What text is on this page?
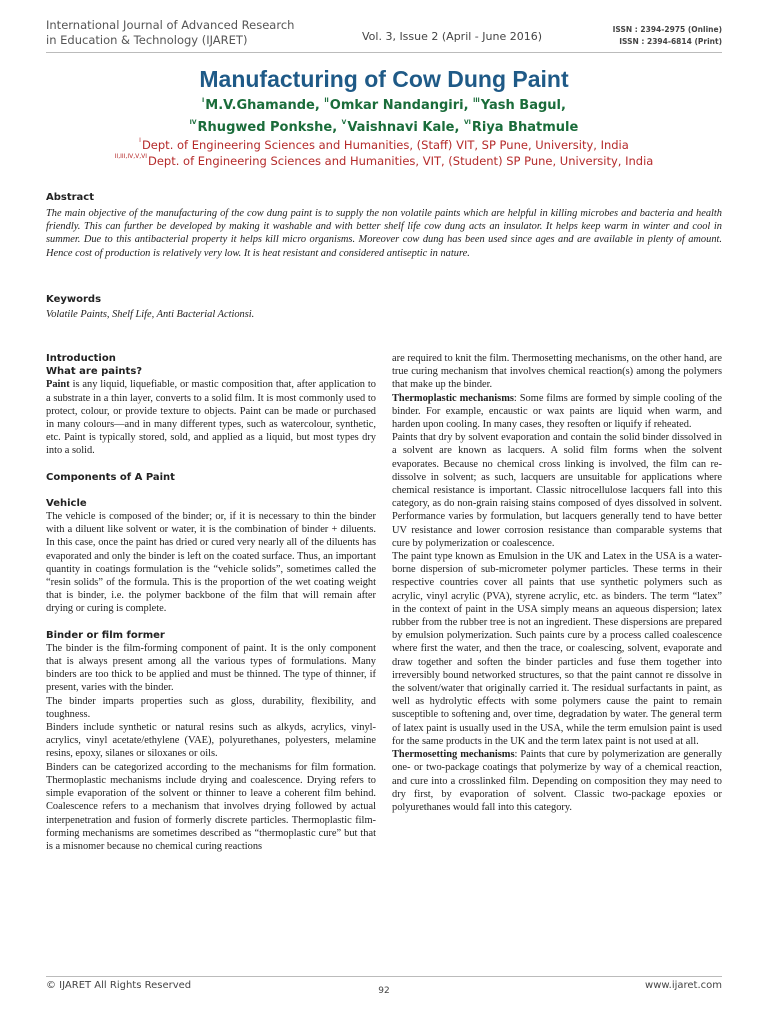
International Journal of Advanced Research
in Education & Technology (IJARET)	Vol. 3, Issue 2 (April - June 2016)
ISSN : 2394-2975 (Online)
ISSN : 2394-6814 (Print)
Manufacturing of Cow Dung Paint
$^I$M.V.Ghamande, $^{II}$Omkar Nandangiri, $^{III}$Yash Bagul,
$^{IV}$Rhugwed Ponkshe, $^V$Vaishnavi Kale, $^{VI}$Riya Bhatmule
$^I$Dept. of Engineering Sciences and Humanities, (Staff) VIT, SP Pune, University, India
$^{II,III,IV,V,VI}$Dept. of Engineering Sciences and Humanities, VIT, (Student) SP Pune, University, India
Abstract
The main objective of the manufacturing of the cow dung paint is to supply the non volatile paints which are helpful in killing microbes and bacteria and health friendly. This can further be developed by making it washable and with better shelf life cow dung acts an insulator. It helps keep warm in winter and cool in summer. Due to this antibacterial property it helps kill micro organisms. Moreover cow dung has been used since ages and are available in plenty of amount. Hence cost of production is relatively very low. It is heat resistant and considered antiseptic in nature.
Keywords
Volatile Paints, Shelf Life, Anti Bacterial Actionsi.

Introduction

What are paints?

Paint is any liquid, liquefiable, or mastic composition that, after application to a substrate in a thin layer, converts to a solid film. It is most commonly used to protect, colour, or provide texture to objects. Paint can be made or purchased in many colours—and in many different types, such as watercolour, synthetic, etc. Paint is typically stored, sold, and applied as a liquid, but most types dry into a solid.

Components of A Paint

Vehicle

The vehicle is composed of the binder; or, if it is necessary to thin the binder with a diluent like solvent or water, it is the combination of binder + diluents. In this case, once the paint has dried or cured very nearly all of the diluents has evaporated and only the binder is left on the coated surface. Thus, an important quantity in coatings formulation is the “vehicle solids”, sometimes called the “resin solids” of the formula. This is the proportion of the wet coating weight that is binder, i.e. the polymer backbone of the film that will remain after drying or curing is complete.

Binder or film former

The binder is the film-forming component of paint. It is the only component that is always present among all the various types of formulations. Many binders are too thick to be applied and must be thinned. The type of thinner, if present, varies with the binder.

The binder imparts properties such as gloss, durability, flexibility, and toughness.

Binders include synthetic or natural resins such as alkyds, acrylics, vinyl-acrylics, vinyl acetate/ethylene (VAE), polyurethanes, polyesters, melamine resins, epoxy, silanes or siloxanes or oils.

Binders can be categorized according to the mechanisms for film formation. Thermoplastic mechanisms include drying and coalescence. Drying refers to simple evaporation of the solvent or thinner to leave a coherent film behind. Coalescence refers to a mechanism that involves drying followed by actual interpenetration and fusion of formerly discrete particles. Thermoplastic film-forming mechanisms are sometimes described as “thermoplastic cure” but that is a misnomer because no chemical curing reactions

are required to knit the film. Thermosetting mechanisms, on the other hand, are true curing mechanism that involves chemical reaction(s) among the polymers that make up the binder.

Thermoplastic mechanisms: Some films are formed by simple cooling of the binder. For example, encaustic or wax paints are liquid when warm, and harden upon cooling. In many cases, they resoften or liquify if reheated.

Paints that dry by solvent evaporation and contain the solid binder dissolved in a solvent are known as lacquers. A solid film forms when the solvent evaporates. Because no chemical cross linking is involved, the film can re-dissolve in solvent; as such, lacquers are unsuitable for applications where chemical resistance is important. Classic nitrocellulose lacquers fall into this category, as do non-grain raising stains composed of dyes dissolved in solvent. Performance varies by formulation, but lacquers generally tend to have better UV resistance and lower corrosion resistance than comparable systems that cure by polymerization or coalescence.

The paint type known as Emulsion in the UK and Latex in the USA is a water-borne dispersion of sub-micrometer polymer particles. These terms in their respective countries cover all paints that use synthetic polymers such as acrylic, vinyl acrylic (PVA), styrene acrylic, etc. as binders. The term “latex” in the context of paint in the USA simply means an aqueous dispersion; latex rubber from the rubber tree is not an ingredient. These dispersions are prepared by emulsion polymerization. Such paints cure by a process called coalescence where first the water, and then the trace, or coalescing, solvent, evaporate and draw together and soften the binder particles and fuse them together into irreversibly bound networked structures, so that the paint cannot re dissolve in the solvent/water that originally carried it. The residual surfactants in paint, as well as hydrolytic effects with some polymers cause the paint to remain susceptible to softening and, over time, degradation by water. The general term of latex paint is usually used in the USA, while the term emulsion paint is used for the same products in the UK and the term latex paint is not used at all.

Thermosetting mechanisms: Paints that cure by polymerization are generally one- or two-package coatings that polymerize by way of a chemical reaction, and cure into a crosslinked film. Depending on composition they may need to dry first, by evaporation of solvent. Classic two-package epoxies or polyurethanes would fall into this category.

© IJARET All Rights Reserved	92	www.ijaret.com
